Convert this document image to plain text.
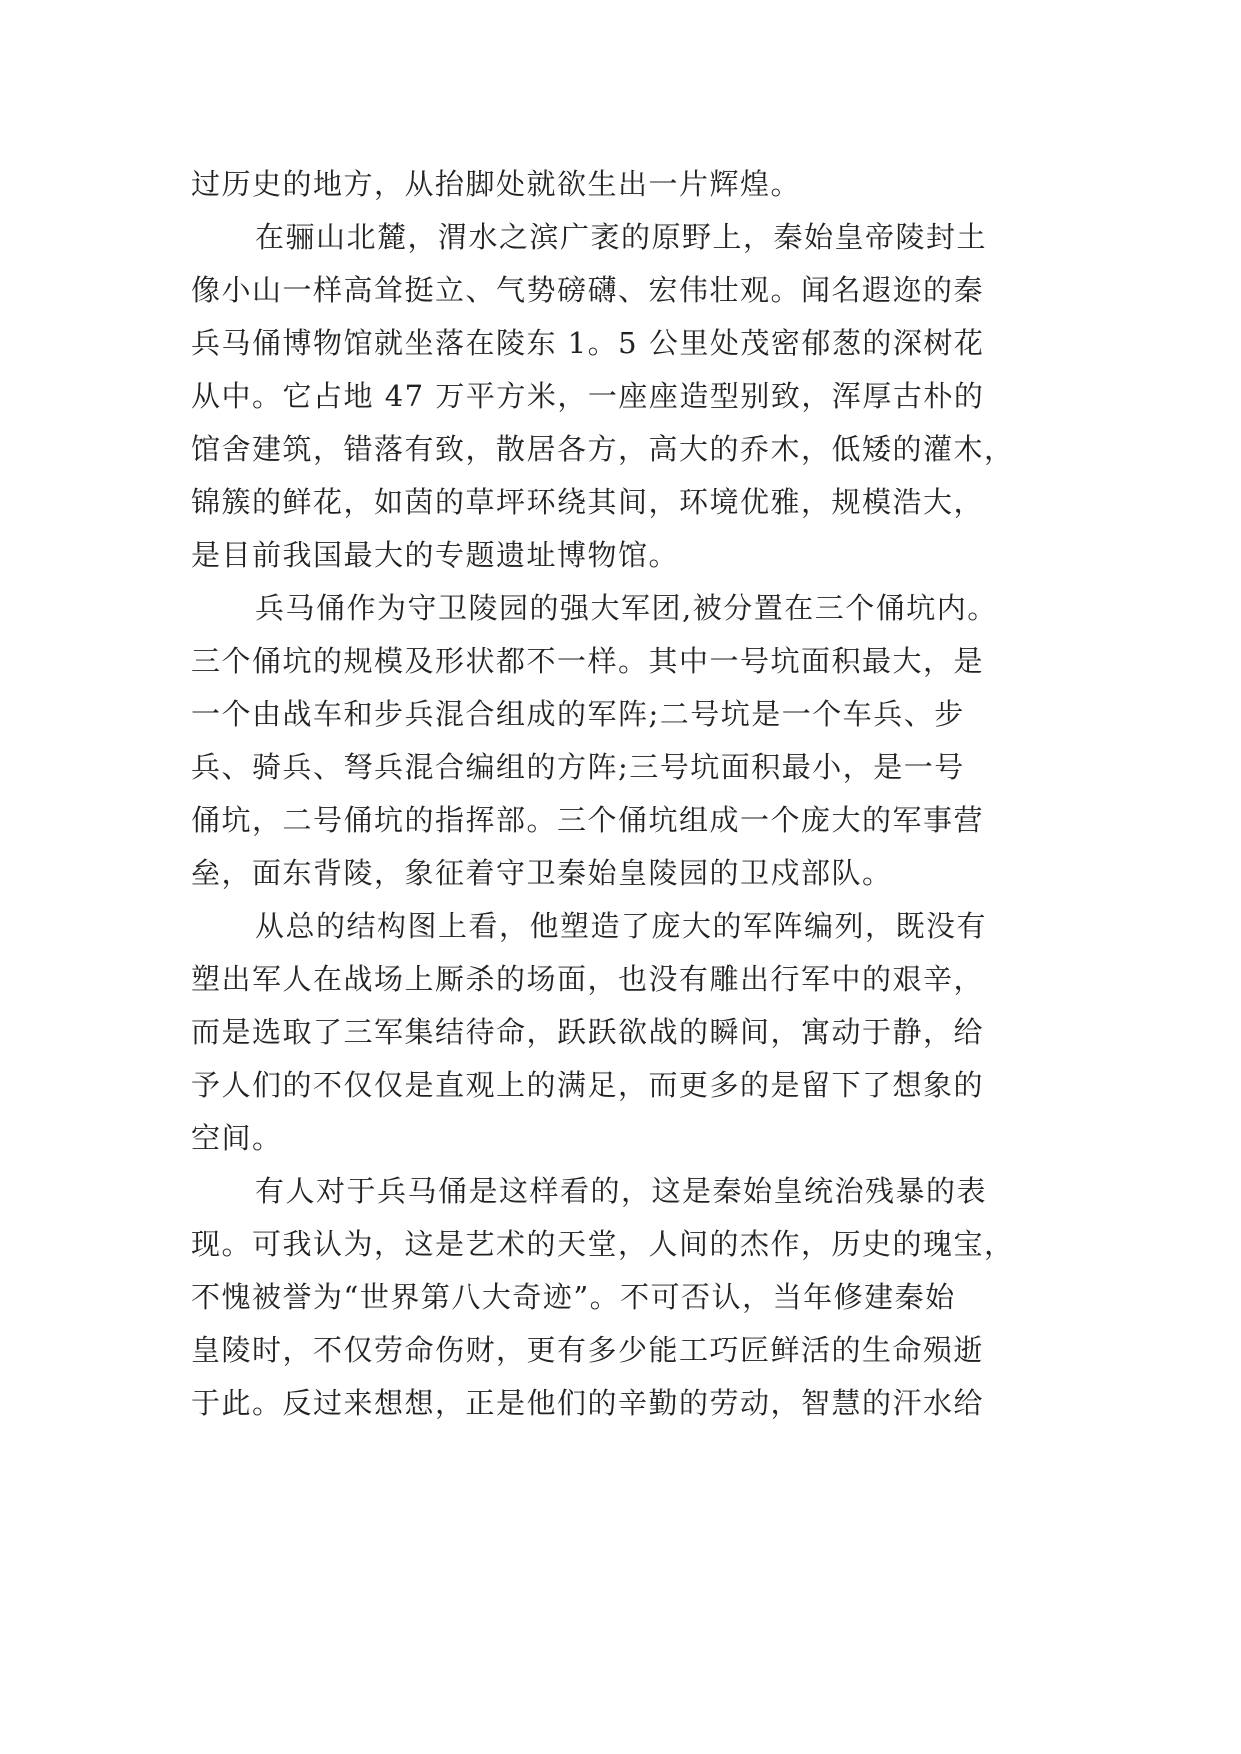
过历史的地方，从抬脚处就欲生出一片辉煌。
在骊山北麓，渭水之滨广袤的原野上，秦始皇帝陵封土
像小山一样高耸挺立、气势磅礴、宏伟壮观。闻名遐迩的秦
兵马俑博物馆就坐落在陵东 1。5 公里处茂密郁葱的深树花
从中。它占地 47 万平方米，一座座造型别致，浑厚古朴的
馆舍建筑，错落有致，散居各方，高大的乔木，低矮的灌木，
锦簇的鲜花，如茵的草坪环绕其间，环境优雅，规模浩大，
是目前我国最大的专题遗址博物馆。
兵马俑作为守卫陵园的强大军团,被分置在三个俑坑内。
三个俑坑的规模及形状都不一样。其中一号坑面积最大，是
一个由战车和步兵混合组成的军阵;二号坑是一个车兵、步
兵、骑兵、弩兵混合编组的方阵;三号坑面积最小，是一号
俑坑，二号俑坑的指挥部。三个俑坑组成一个庞大的军事营
垒，面东背陵，象征着守卫秦始皇陵园的卫戍部队。
从总的结构图上看，他塑造了庞大的军阵编列，既没有
塑出军人在战场上厮杀的场面，也没有雕出行军中的艰辛，
而是选取了三军集结待命，跃跃欲战的瞬间，寓动于静，给
予人们的不仅仅是直观上的满足，而更多的是留下了想象的
空间。
有人对于兵马俑是这样看的，这是秦始皇统治残暴的表
现。可我认为，这是艺术的天堂，人间的杰作，历史的瑰宝，
不愧被誉为“世界第八大奇迹”。不可否认，当年修建秦始
皇陵时，不仅劳命伤财，更有多少能工巧匠鲜活的生命殒逝
于此。反过来想想，正是他们的辛勤的劳动，智慧的汗水给
